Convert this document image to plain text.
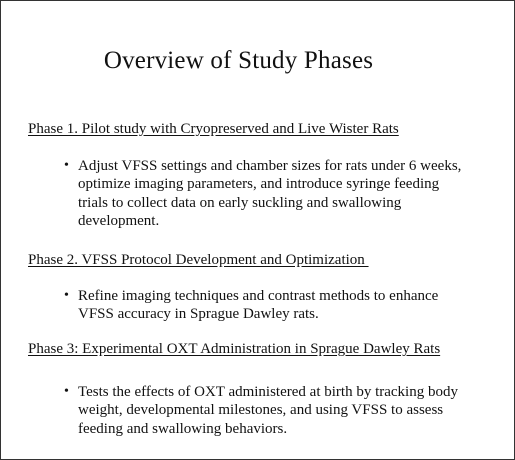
Overview of Study Phases
Phase 1. Pilot study with Cryopreserved and Live Wister Rats
• Adjust VFSS settings and chamber sizes for rats under 6 weeks, optimize imaging parameters, and introduce syringe feeding trials to collect data on early suckling and swallowing development.
Phase 2. VFSS Protocol Development and Optimization
• Refine imaging techniques and contrast methods to enhance VFSS accuracy in Sprague Dawley rats.
Phase 3: Experimental OXT Administration in Sprague Dawley Rats
• Tests the effects of OXT administered at birth by tracking body weight, developmental milestones, and using VFSS to assess feeding and swallowing behaviors.
